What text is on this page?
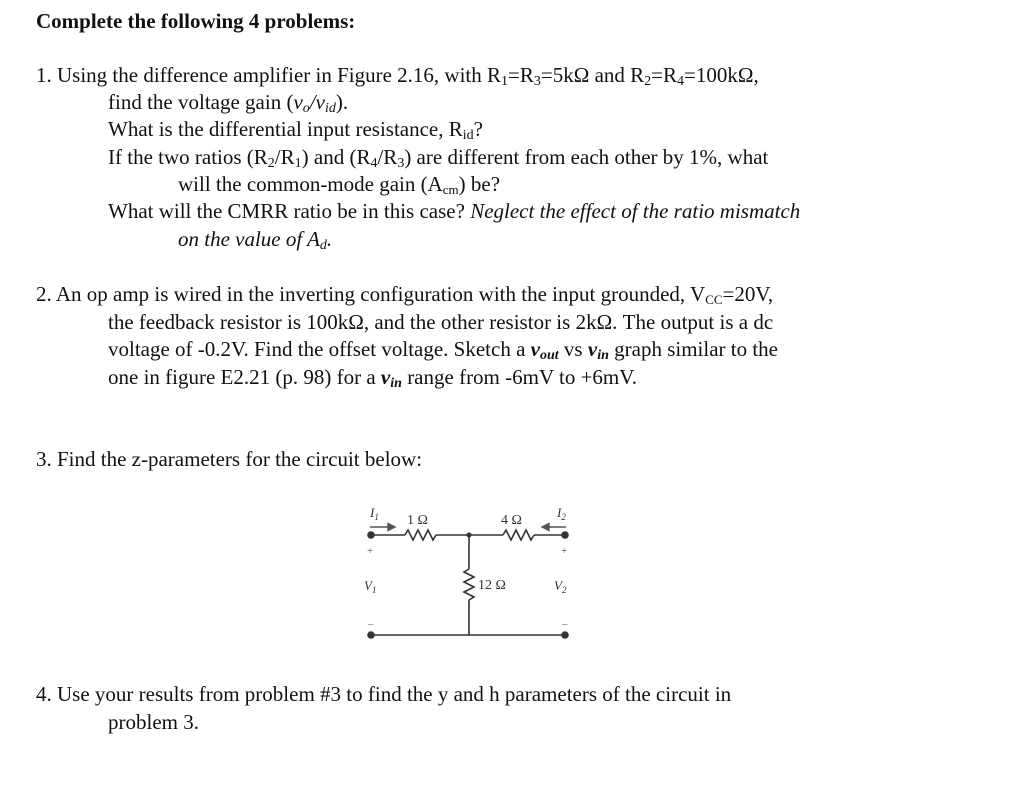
Complete the following 4 problems:
1. Using the difference amplifier in Figure 2.16, with $R_1=R_3=5k\Omega$ and $R_2=R_4=100k\Omega$,
find the voltage gain $(v_o/v_{id})$.
What is the differential input resistance, $R_{id}$?
If the two ratios $(R_2/R_1)$ and $(R_4/R_3)$ are different from each other by 1%, what
will the common-mode gain (Acm) be?
What will the CMRR ratio be in this case? Neglect the effect of the ratio mismatch
on the value of $A_d$.
2. An op amp is wired in the inverting configuration with the input grounded, VCC=20V,
the feedback resistor is 100kΩ, and the other resistor is 2kΩ. The output is a dc
voltage of -0.2V. Find the offset voltage. Sketch a $v_{out}$ vs $v_{in}$ graph similar to the
one in figure E2.21 (p. 98) for a $v_{in}$ range from -6mV to +6mV.
3. Find the z-parameters for the circuit below:
$I_1$	$I_2$
$V_1$	$V_2$
1 Ω	4 Ω
12 Ω
+	+
–	–
4. Use your results from problem #3 to find the y and h parameters of the circuit in
problem 3.
